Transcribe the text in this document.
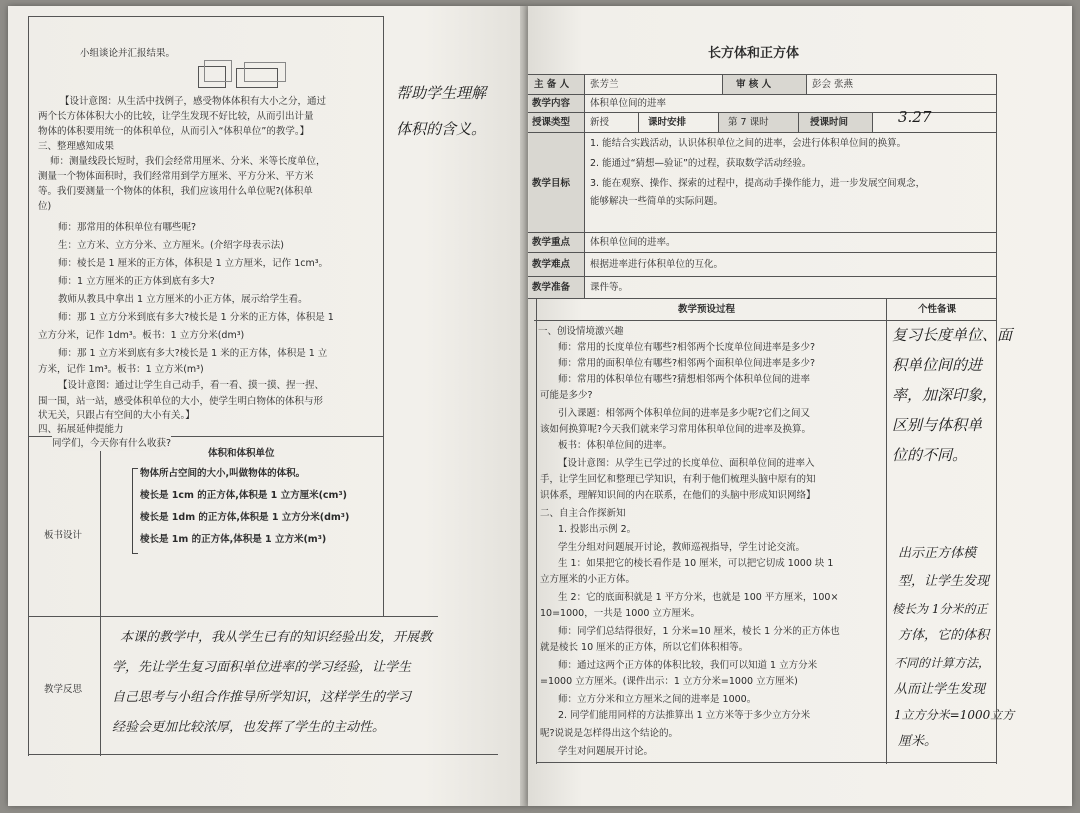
小组谈论并汇报结果。
【设计意图：从生活中找例子，感受物体体积有大小之分，通过
两个长方体体积大小的比较，让学生发现不好比较，从而引出计量
物体的体积要用统一的体积单位，从而引入“体积单位”的教学。】
三、整理感知成果
师：测量线段长短时，我们会经常用厘米、分米、米等长度单位，
测量一个物体面积时，我们经常用到学方厘米、平方分米、平方米
等。我们要测量一个物体的体积，我们应该用什么单位呢?(体积单
位)
师：那常用的体积单位有哪些呢?
生：立方米、立方分米、立方厘米。(介绍字母表示法)
师：棱长是 1 厘米的正方体，体积是 1 立方厘米，记作 1cm³。
师：1 立方厘米的正方体到底有多大?
教师从教具中拿出 1 立方厘米的小正方体，展示给学生看。
师：那 1 立方分米到底有多大?棱长是 1 分米的正方体，体积是 1
立方分米，记作 1dm³。板书：1 立方分米(dm³)
师：那 1 立方米到底有多大?棱长是 1 米的正方体，体积是 1 立
方米，记作 1m³。板书：1 立方米(m³)
【设计意图：通过让学生自己动手，看一看、摸一摸、捏一捏、
围一围，站一站，感受体积单位的大小，使学生明白物体的体积与形
状无关，只跟占有空间的大小有关。】
四、拓展延伸提能力
同学们，今天你有什么收获?
帮助学生理解
体积的含义。
板书设计
体积和体积单位
物体所占空间的大小,叫做物体的体积。
棱长是 1cm 的正方体,体积是 1 立方厘米(cm³)
棱长是 1dm 的正方体,体积是 1 立方分米(dm³)
棱长是 1m 的正方体,体积是 1 立方米(m³)
教学反思
本课的教学中，我从学生已有的知识经验出发，开展教
学，先让学生复习面积单位进率的学习经验，让学生
自己思考与小组合作推导所学知识，这样学生的学习
经验会更加比较浓厚，也发挥了学生的主动性。
长方体和正方体
主 备 人 张芳兰	审 核 人	彭会 张燕
教学内容 体积单位间的进率
授课类型 新授	课时安排	第 7 课时	授课时间	3.27
教学目标
1. 能结合实践活动，认识体积单位之间的进率，会进行体积单位间的换算。
2. 能通过“猜想—验证”的过程，获取数学活动经验。
3. 能在观察、操作、探索的过程中，提高动手操作能力，进一步发展空间观念，
能够解决一些简单的实际问题。
教学重点 体积单位间的进率。
教学难点 根据进率进行体积单位的互化。
教学准备 课件等。
教学预设过程	个性备课
一、创设情境激兴趣
师：常用的长度单位有哪些?相邻两个长度单位间进率是多少?
师：常用的面积单位有哪些?相邻两个面积单位间进率是多少?
师：常用的体积单位有哪些?猜想相邻两个体积单位间的进率
可能是多少?
引入课题：相邻两个体积单位间的进率是多少呢?它们之间又
该如何换算呢?今天我们就来学习常用体积单位间的进率及换算。
板书：体积单位间的进率。
【设计意图：从学生已学过的长度单位、面积单位间的进率入
手，让学生回忆和整理已学知识，有利于他们梳理头脑中原有的知
识体系，理解知识间的内在联系，在他们的头脑中形成知识网络】
二、自主合作探新知
1. 投影出示例 2。
学生分组对问题展开讨论，教师巡视指导，学生讨论交流。
生 1：如果把它的棱长看作是 10 厘米，可以把它切成 1000 块 1
立方厘米的小正方体。
生 2：它的底面积就是 1 平方分米，也就是 100 平方厘米，100×
10=1000，一共是 1000 立方厘米。
师：同学们总结得很好，1 分米=10 厘米，棱长 1 分米的正方体也
就是棱长 10 厘米的正方体，所以它们体积相等。
师：通过这两个正方体的体积比较，我们可以知道 1 立方分米
=1000 立方厘米。(课件出示：1 立方分米=1000 立方厘米)
师：立方分米和立方厘米之间的进率是 1000。
2. 同学们能用同样的方法推算出 1 立方米等于多少立方分米
呢?说说是怎样得出这个结论的。
学生对问题展开讨论。
复习长度单位、面
积单位间的进
率，加深印象，
区别与体积单
位的不同。
出示正方体模
型，让学生发现
棱长为 1分米的正
方体，它的体积
不同的计算方法，
从而让学生发现
1立方分米=1000立方
厘米。
